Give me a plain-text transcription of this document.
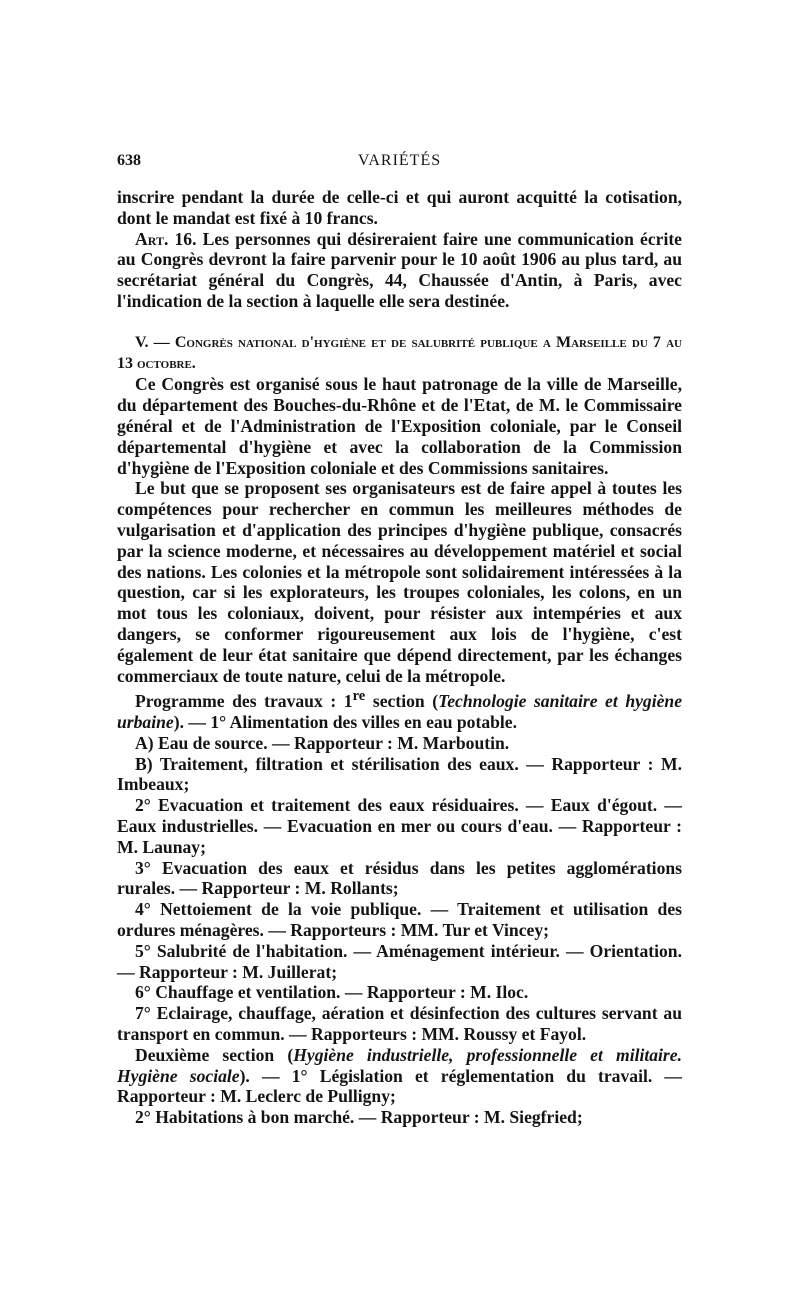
638	VARIÉTÉS

inscrire pendant la durée de celle-ci et qui auront acquitté la cotisation, dont le mandat est fixé à 10 francs.

Art. 16. Les personnes qui désireraient faire une communication écrite au Congrès devront la faire parvenir pour le 10 août 1906 au plus tard, au secrétariat général du Congrès, 44, Chaussée d'Antin, à Paris, avec l'indication de la section à laquelle elle sera destinée.

V. — Congrès national d'hygiène et de salubrité publique a Marseille du 7 au 13 octobre.

Ce Congrès est organisé sous le haut patronage de la ville de Marseille, du département des Bouches-du-Rhône et de l'Etat, de M. le Commissaire général et de l'Administration de l'Exposition coloniale, par le Conseil départemental d'hygiène et avec la collaboration de la Commission d'hygiène de l'Exposition coloniale et des Commissions sanitaires.

Le but que se proposent ses organisateurs est de faire appel à toutes les compétences pour rechercher en commun les meilleures méthodes de vulgarisation et d'application des principes d'hygiène publique, consacrés par la science moderne, et nécessaires au développement matériel et social des nations. Les colonies et la métropole sont solidairement intéressées à la question, car si les explorateurs, les troupes coloniales, les colons, en un mot tous les coloniaux, doivent, pour résister aux intempéries et aux dangers, se conformer rigoureusement aux lois de l'hygiène, c'est également de leur état sanitaire que dépend directement, par les échanges commerciaux de toute nature, celui de la métropole.

Programme des travaux : 1re section (Technologie sanitaire et hygiène urbaine). — 1° Alimentation des villes en eau potable.

A) Eau de source. — Rapporteur : M. Marboutin.

B) Traitement, filtration et stérilisation des eaux. — Rapporteur : M. Imbeaux;

2° Evacuation et traitement des eaux résiduaires. — Eaux d'égout. — Eaux industrielles. — Evacuation en mer ou cours d'eau. — Rapporteur : M. Launay;

3° Evacuation des eaux et résidus dans les petites agglomérations rurales. — Rapporteur : M. Rollants;

4° Nettoiement de la voie publique. — Traitement et utilisation des ordures ménagères. — Rapporteurs : MM. Tur et Vincey;

5° Salubrité de l'habitation. — Aménagement intérieur. — Orientation. — Rapporteur : M. Juillerat;

6° Chauffage et ventilation. — Rapporteur : M. Iloc.

7° Eclairage, chauffage, aération et désinfection des cultures servant au transport en commun. — Rapporteurs : MM. Roussy et Fayol.

Deuxième section (Hygiène industrielle, professionnelle et militaire. Hygiène sociale). — 1° Législation et réglementation du travail. — Rapporteur : M. Leclerc de Pulligny;

2° Habitations à bon marché. — Rapporteur : M. Siegfried;
